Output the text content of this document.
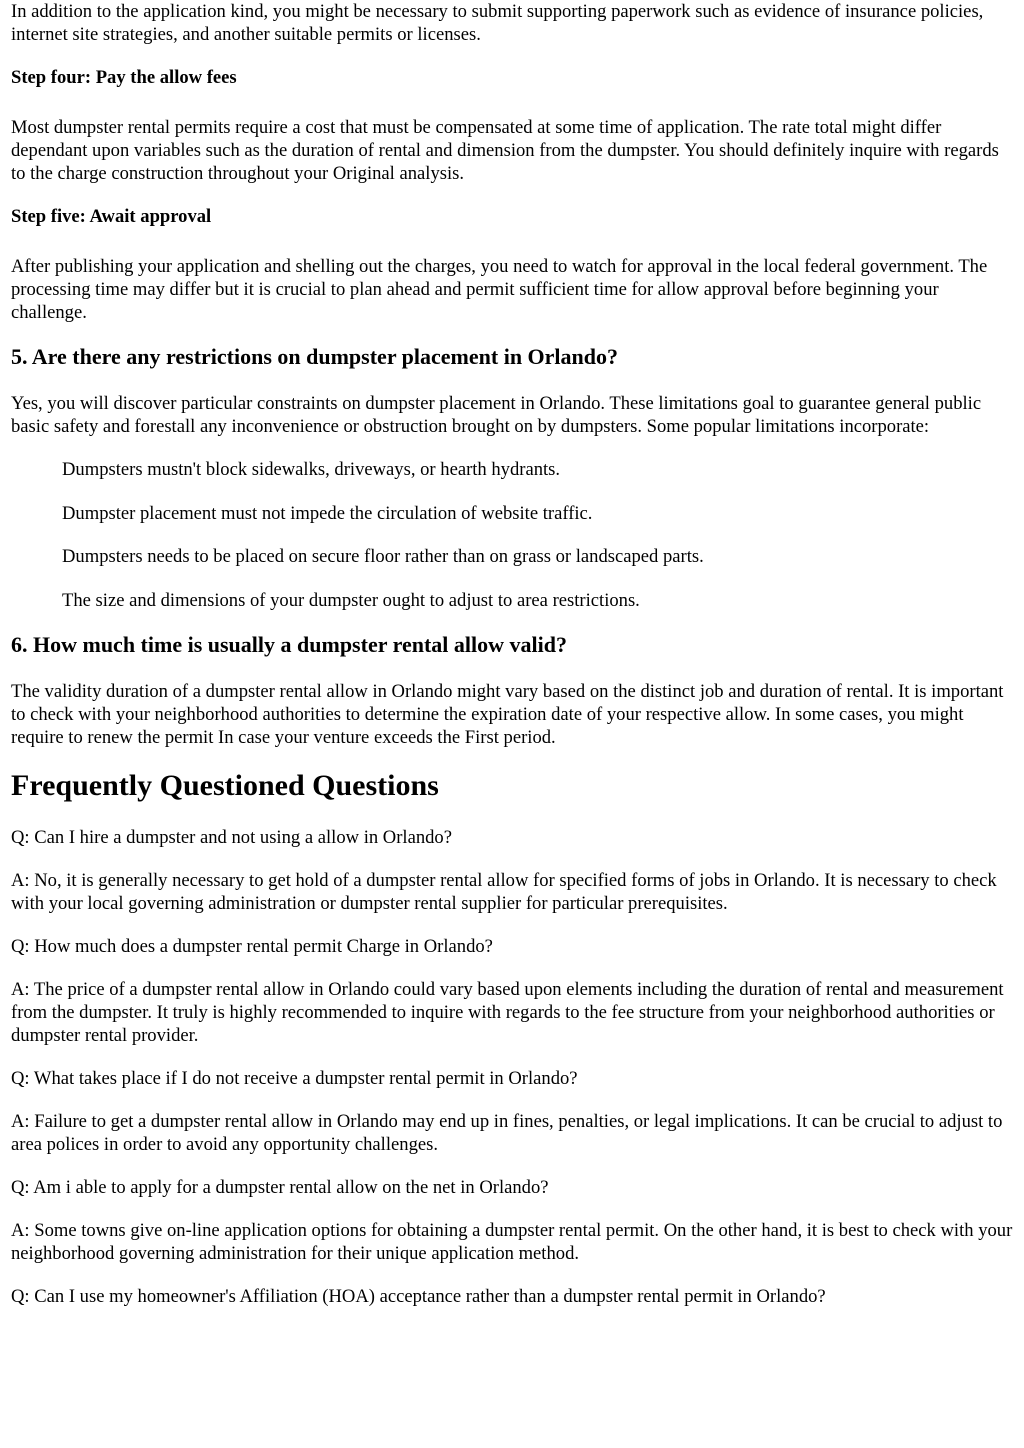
In addition to the application kind, you might be necessary to submit supporting paperwork such as evidence of insurance policies, internet site strategies, and another suitable permits or licenses.

Step four: Pay the allow fees

Most dumpster rental permits require a cost that must be compensated at some time of application. The rate total might differ dependant upon variables such as the duration of rental and dimension from the dumpster. You should definitely inquire with regards to the charge construction throughout your Original analysis.

Step five: Await approval

After publishing your application and shelling out the charges, you need to watch for approval in the local federal government. The processing time may differ but it is crucial to plan ahead and permit sufficient time for allow approval before beginning your challenge.

5. Are there any restrictions on dumpster placement in Orlando?

Yes, you will discover particular constraints on dumpster placement in Orlando. These limitations goal to guarantee general public basic safety and forestall any inconvenience or obstruction brought on by dumpsters. Some popular limitations incorporate:

Dumpsters mustn't block sidewalks, driveways, or hearth hydrants.
Dumpster placement must not impede the circulation of website traffic.
Dumpsters needs to be placed on secure floor rather than on grass or landscaped parts.
The size and dimensions of your dumpster ought to adjust to area restrictions.
6. How much time is usually a dumpster rental allow valid?

The validity duration of a dumpster rental allow in Orlando might vary based on the distinct job and duration of rental. It is important to check with your neighborhood authorities to determine the expiration date of your respective allow. In some cases, you might require to renew the permit In case your venture exceeds the First period.

Frequently Questioned Questions

Q: Can I hire a dumpster and not using a allow in Orlando?

A: No, it is generally necessary to get hold of a dumpster rental allow for specified forms of jobs in Orlando. It is necessary to check with your local governing administration or dumpster rental supplier for particular prerequisites.

Q: How much does a dumpster rental permit Charge in Orlando?

A: The price of a dumpster rental allow in Orlando could vary based upon elements including the duration of rental and measurement from the dumpster. It truly is highly recommended to inquire with regards to the fee structure from your neighborhood authorities or dumpster rental provider.

Q: What takes place if I do not receive a dumpster rental permit in Orlando?

A: Failure to get a dumpster rental allow in Orlando may end up in fines, penalties, or legal implications. It can be crucial to adjust to area polices in order to avoid any opportunity challenges.

Q: Am i able to apply for a dumpster rental allow on the net in Orlando?

A: Some towns give on-line application options for obtaining a dumpster rental permit. On the other hand, it is best to check with your neighborhood governing administration for their unique application method.

Q: Can I use my homeowner's Affiliation (HOA) acceptance rather than a dumpster rental permit in Orlando?
